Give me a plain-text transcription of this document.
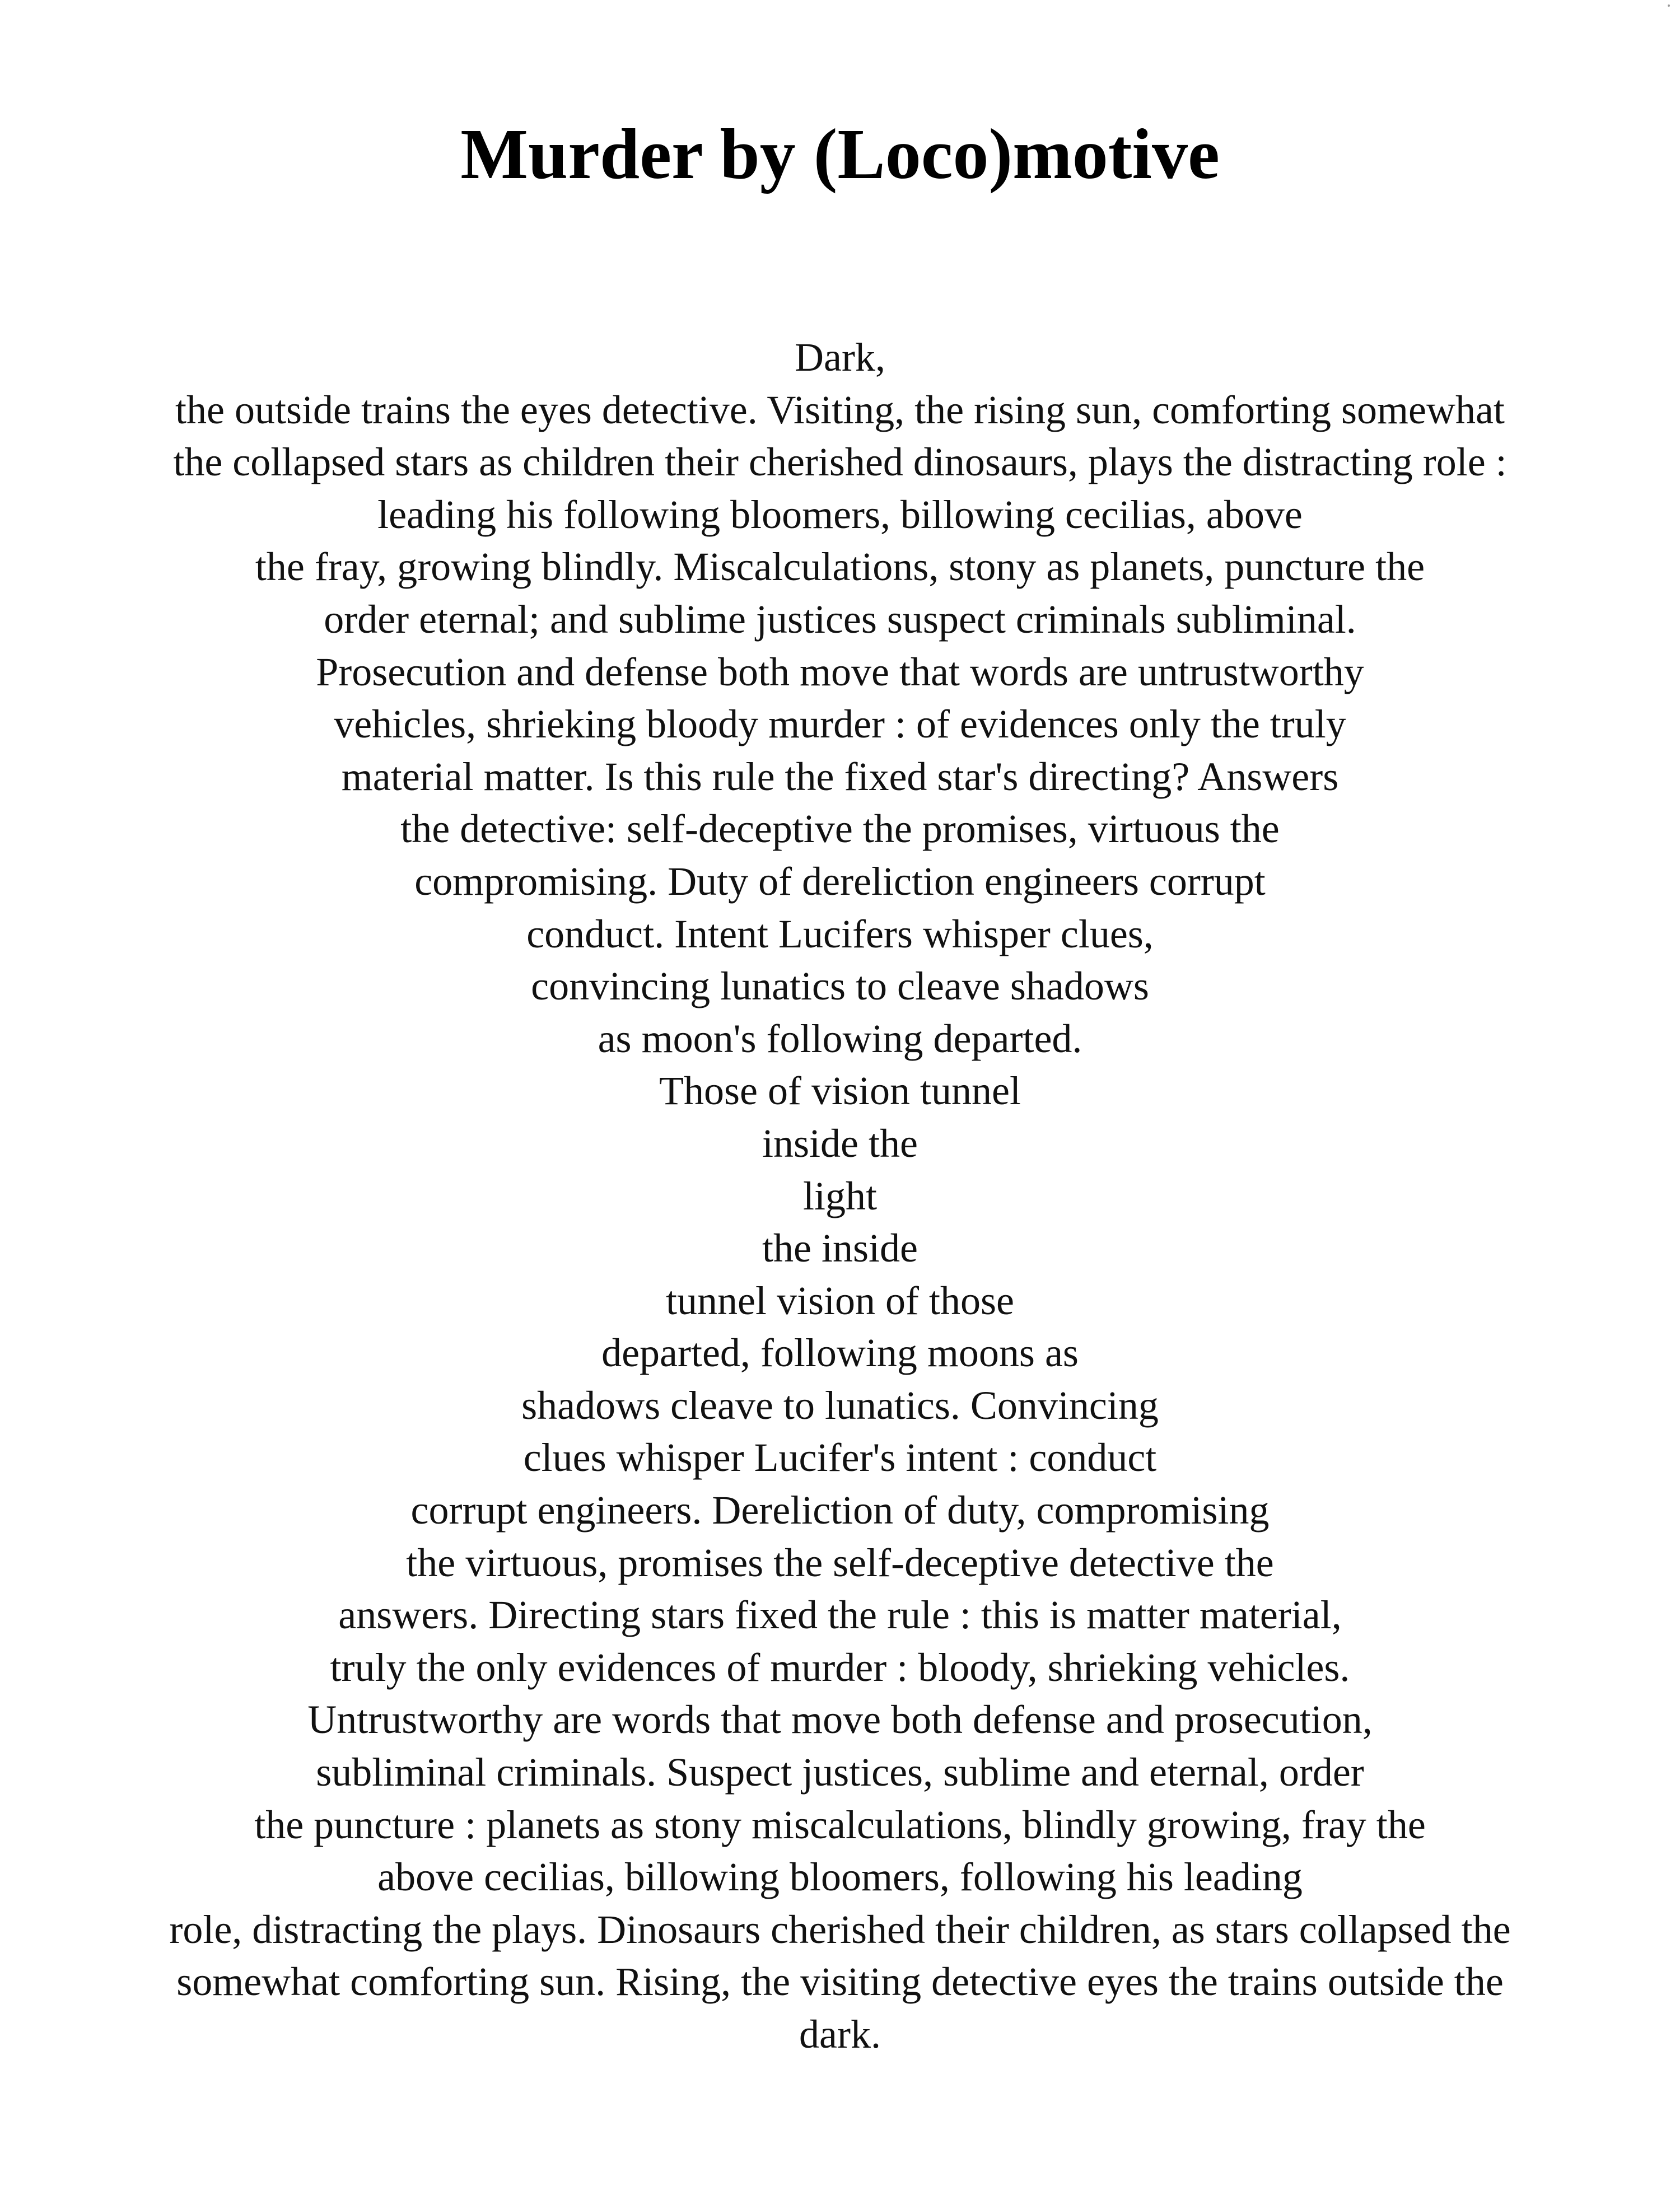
Murder by (Loco)motive
Dark,
the outside trains the eyes detective. Visiting, the rising sun, comforting somewhat
the collapsed stars as children their cherished dinosaurs, plays the distracting role :
leading his following bloomers, billowing cecilias, above
the fray, growing blindly. Miscalculations, stony as planets, puncture the
order eternal; and sublime justices suspect criminals subliminal.
Prosecution and defense both move that words are untrustworthy
vehicles, shrieking bloody murder : of evidences only the truly
material matter. Is this rule the fixed star's directing? Answers
the detective: self-deceptive the promises, virtuous the
compromising. Duty of dereliction engineers corrupt
conduct. Intent Lucifers whisper clues,
convincing lunatics to cleave shadows
as moon's following departed.
Those of vision tunnel
inside the
light
the inside
tunnel vision of those
departed, following moons as
shadows cleave to lunatics. Convincing
clues whisper Lucifer's intent : conduct
corrupt engineers. Dereliction of duty, compromising
the virtuous, promises the self-deceptive detective the
answers. Directing stars fixed the rule : this is matter material,
truly the only evidences of murder : bloody, shrieking vehicles.
Untrustworthy are words that move both defense and prosecution,
subliminal criminals. Suspect justices, sublime and eternal, order
the puncture : planets as stony miscalculations, blindly growing, fray the
above cecilias, billowing bloomers, following his leading
role, distracting the plays. Dinosaurs cherished their children, as stars collapsed the
somewhat comforting sun. Rising, the visiting detective eyes the trains outside the
dark.
